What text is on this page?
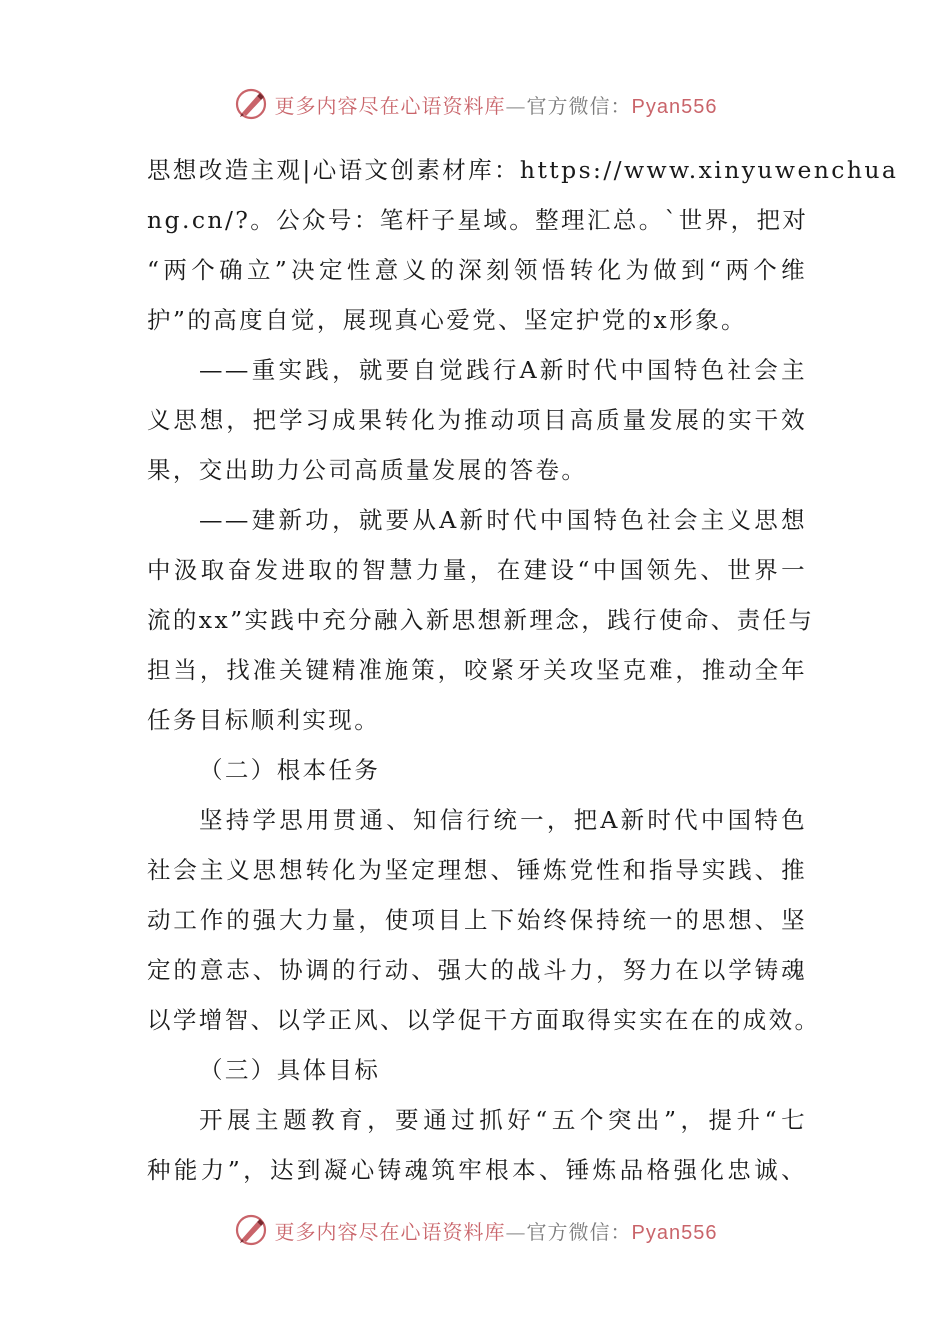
更多内容尽在心语资料库—官方微信：Pyan556
思想改造主观|心语文创素材库：https://www.xinyuwenchua
ng.cn/?。公众号：笔杆子星域。整理汇总。`世界，把对
“两个确立”决定性意义的深刻领悟转化为做到“两个维
护”的高度自觉，展现真心爱党、坚定护党的x形象。
——重实践，就要自觉践行A新时代中国特色社会主
义思想，把学习成果转化为推动项目高质量发展的实干效
果，交出助力公司高质量发展的答卷。
——建新功，就要从A新时代中国特色社会主义思想
中汲取奋发进取的智慧力量，在建设“中国领先、世界一
流的xx”实践中充分融入新思想新理念，践行使命、责任与
担当，找准关键精准施策，咬紧牙关攻坚克难，推动全年
任务目标顺利实现。
（二）根本任务
坚持学思用贯通、知信行统一，把A新时代中国特色
社会主义思想转化为坚定理想、锤炼党性和指导实践、推
动工作的强大力量，使项目上下始终保持统一的思想、坚
定的意志、协调的行动、强大的战斗力，努力在以学铸魂
以学增智、以学正风、以学促干方面取得实实在在的成效。
（三）具体目标
开展主题教育，要通过抓好“五个突出”，提升“七
种能力”，达到凝心铸魂筑牢根本、锤炼品格强化忠诚、
更多内容尽在心语资料库—官方微信：Pyan556
